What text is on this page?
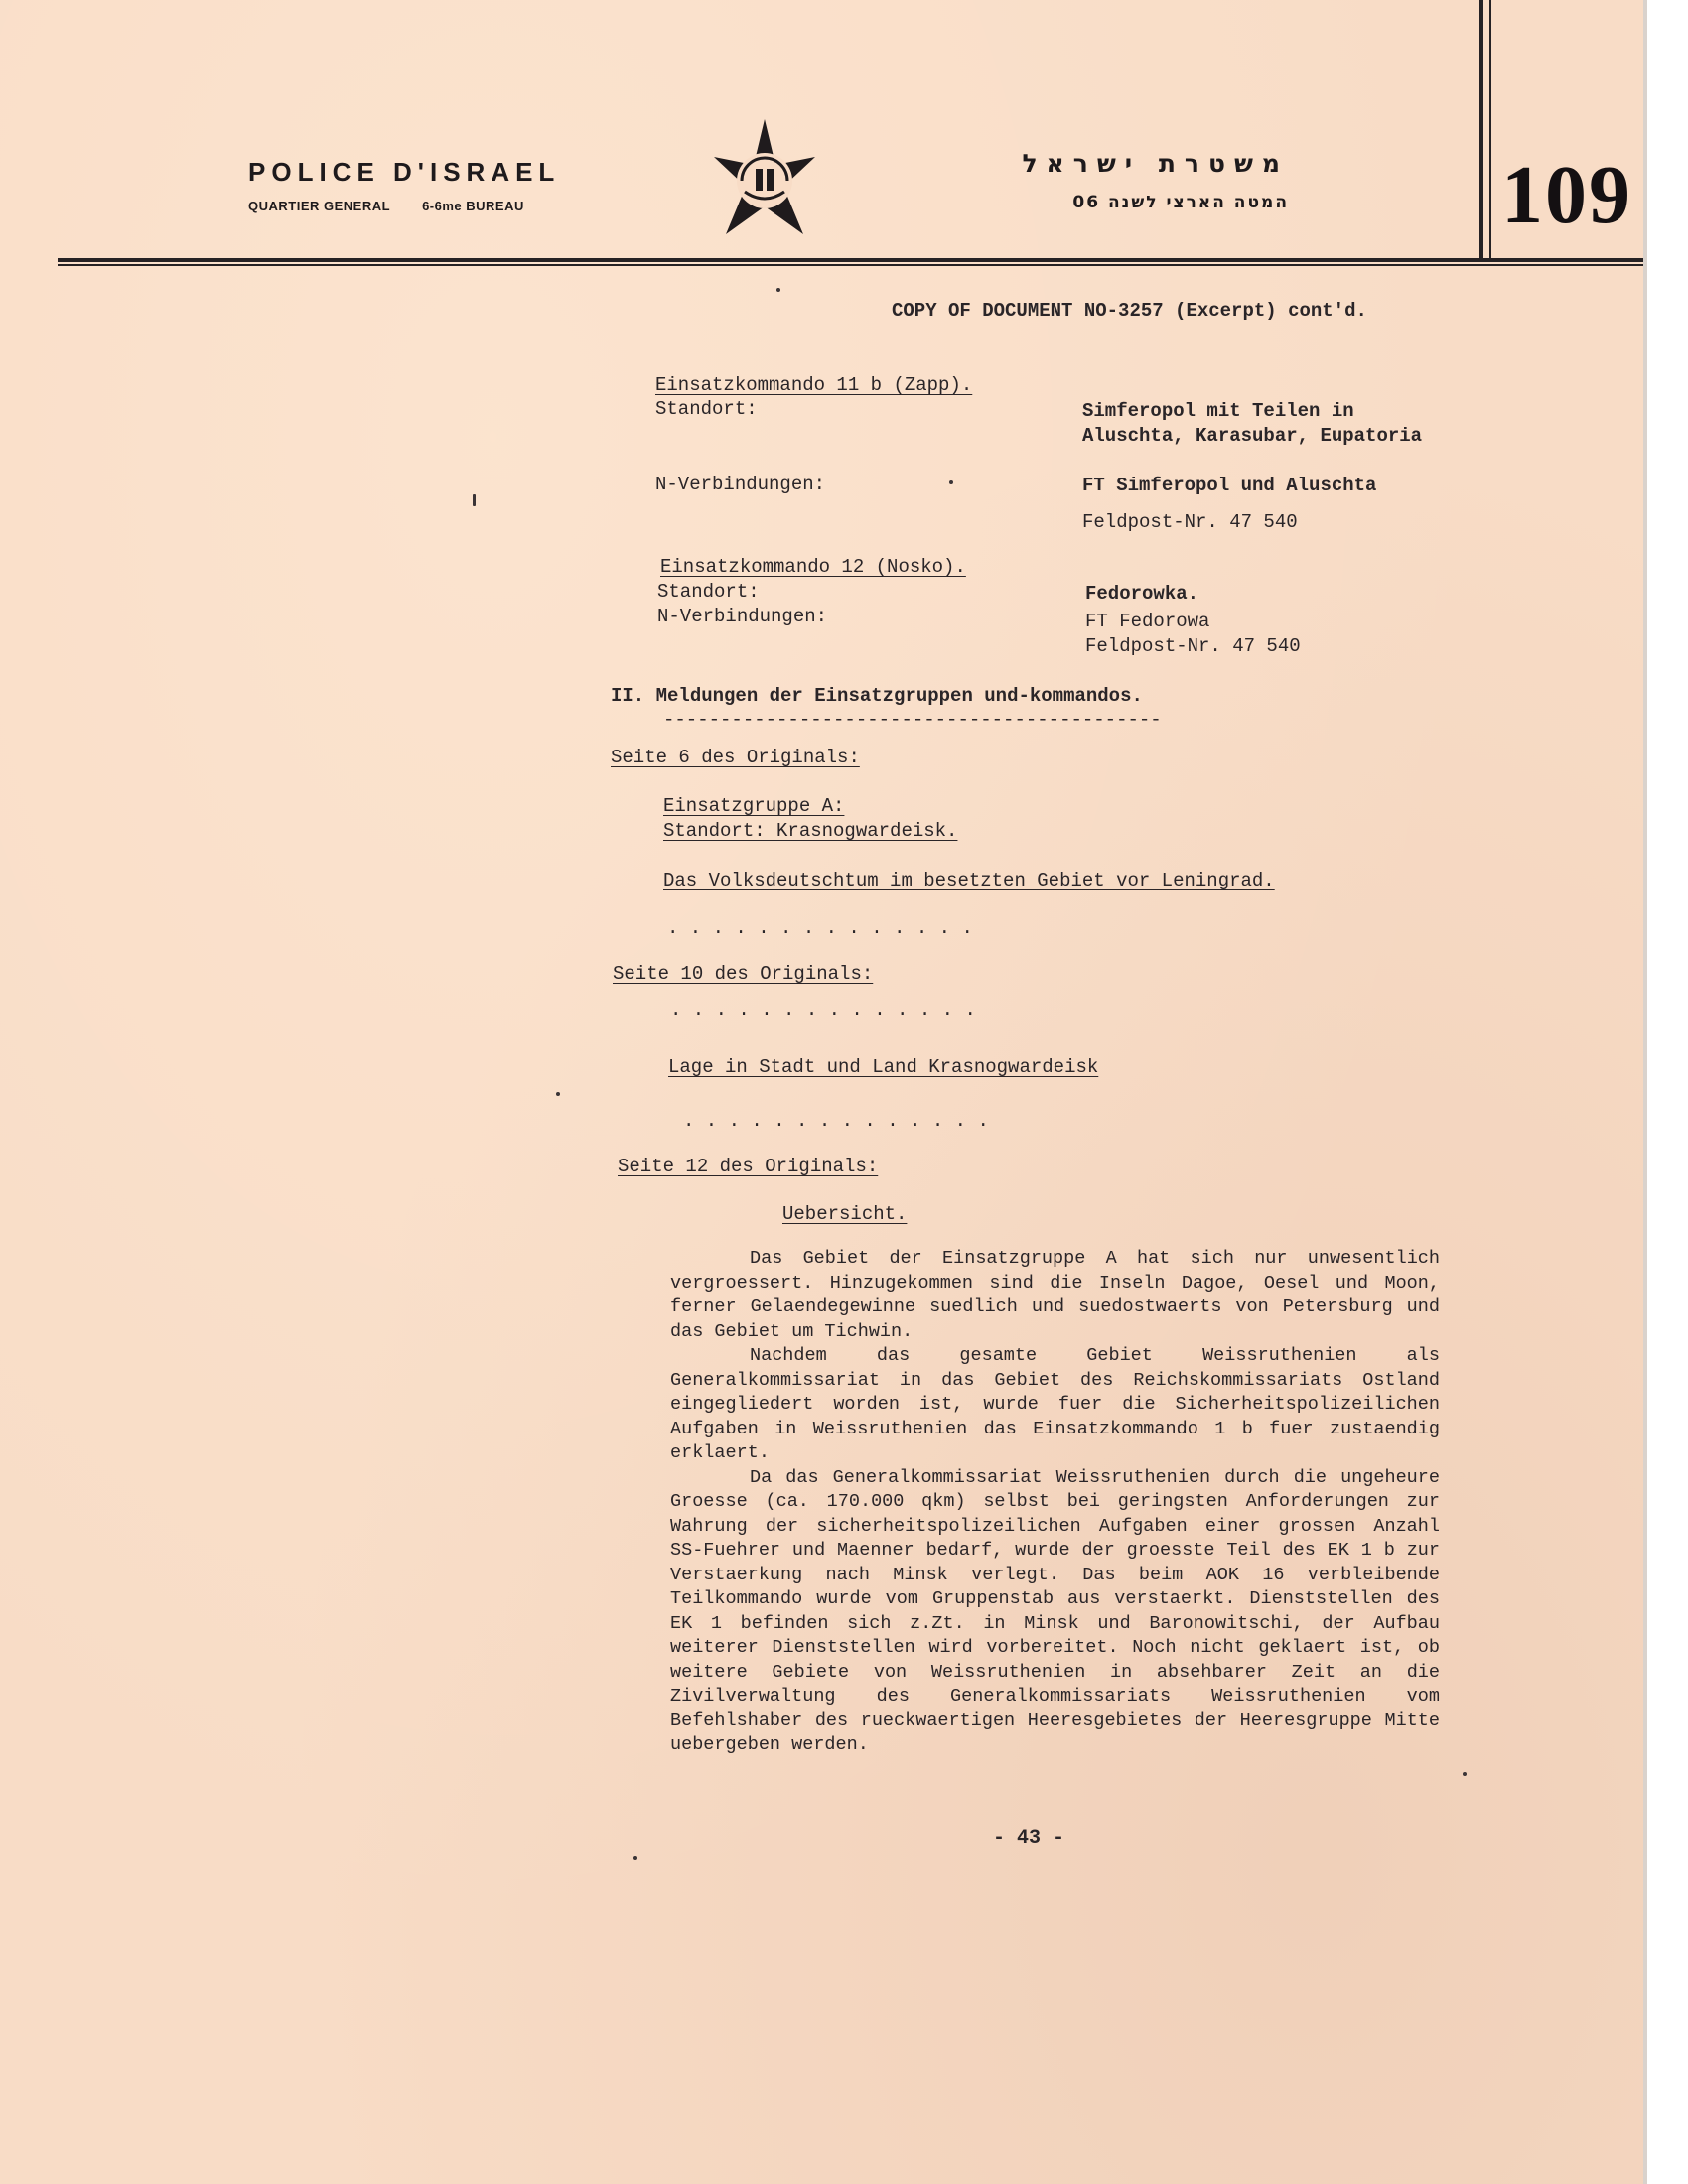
POLICE D'ISRAEL
QUARTIER GENERAL 6-6me BUREAU
משטרת ישראל
המטה הארצי לשנה 06	109
COPY OF DOCUMENT NO-3257 (Excerpt) cont'd.
Einsatzkommando 11 b (Zapp).
Standort:	Simferopol mit Teilen in
Aluschta, Karasubar, Eupatoria
N-Verbindungen:	FT Simferopol und Aluschta
Feldpost-Nr. 47 540
Einsatzkommando 12 (Nosko).
Standort:	Fedorowka.
N-Verbindungen:	FT Fedorowa
Feldpost-Nr. 47 540
II. Meldungen der Einsatzgruppen und-kommandos.
--------------------------------------------
Seite 6 des Originals:
Einsatzgruppe A:
Standort: Krasnogwardeisk.
Das Volksdeutschtum im besetzten Gebiet vor Leningrad.
. . . . . . . . . . . . . .
Seite 10 des Originals:
. . . . . . . . . . . . . .
Lage in Stadt und Land Krasnogwardeisk
. . . . . . . . . . . . . .
Seite 12 des Originals:
Uebersicht.

Das Gebiet der Einsatzgruppe A hat sich nur unwesentlich vergroessert. Hinzugekommen sind die Inseln Dagoe, Oesel und Moon, ferner Gelaendegewinne suedlich und suedostwaerts von Petersburg und das Gebiet um Tichwin.

Nachdem das gesamte Gebiet Weissruthenien als Generalkommissariat in das Gebiet des Reichskommissariats Ostland eingegliedert worden ist, wurde fuer die Sicherheitspolizeilichen Aufgaben in Weissruthenien das Einsatzkommando 1 b fuer zustaendig erklaert.

Da das Generalkommissariat Weissruthenien durch die ungeheure Groesse (ca. 170.000 qkm) selbst bei geringsten Anforderungen zur Wahrung der sicherheitspolizeilichen Aufgaben einer grossen Anzahl SS-Fuehrer und Maenner bedarf, wurde der groesste Teil des EK 1 b zur Verstaerkung nach Minsk verlegt. Das beim AOK 16 verbleibende Teilkommando wurde vom Gruppenstab aus verstaerkt. Dienststellen des EK 1 befinden sich z.Zt. in Minsk und Baronowitschi, der Aufbau weiterer Dienststellen wird vorbereitet. Noch nicht geklaert ist, ob weitere Gebiete von Weissruthenien in absehbarer Zeit an die Zivilverwaltung des Generalkommissariats Weissruthenien vom Befehlshaber des rueckwaertigen Heeresgebietes der Heeresgruppe Mitte uebergeben werden.

- 43 -
